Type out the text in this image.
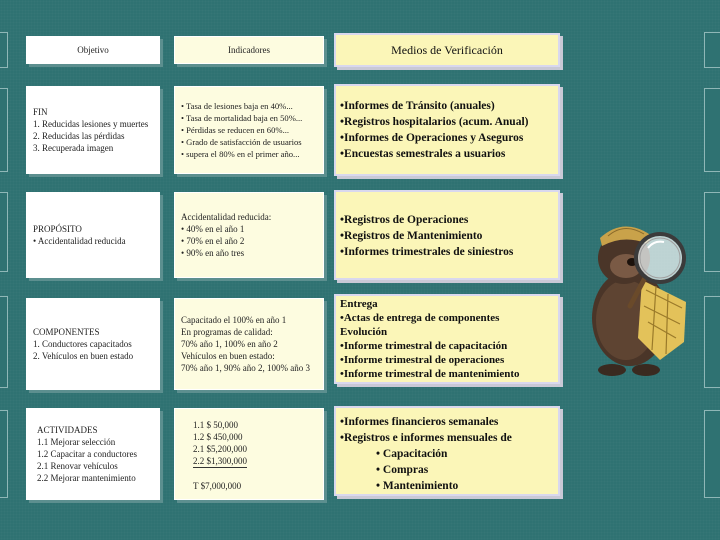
Objetivo	Indicadores	Medios de Verificación
FIN
1. Reducidas lesiones y muertes
2. Reducidas las pérdidas
3. Recuperada imagen
• Tasa de lesiones baja en 40%...
• Tasa de mortalidad baja en 50%...
• Pérdidas se reducen en 60%...
• Grado de satisfacción de usuarios
• supera el 80% en el primer año...
•Informes de Tránsito (anuales)
•Registros hospitalarios (acum. Anual)
•Informes de Operaciones y Aseguros
•Encuestas semestrales a usuarios
PROPÓSITO
• Accidentalidad reducida
Accidentalidad reducida:
• 40% en el año 1
• 70% en el año 2
• 90% en año tres
•Registros de Operaciones
•Registros de Mantenimiento
•Informes trimestrales de siniestros
COMPONENTES
1. Conductores capacitados
2. Vehículos en buen estado
Capacitado el 100% en año 1
En programas de calidad:
70% año 1, 100% en año 2
Vehículos en buen estado:
70% año 1, 90% año 2, 100% año 3
Entrega
•Actas de entrega de componentes
Evolución
•Informe trimestral de capacitación
•Informe trimestral de operaciones
•Informe trimestral de mantenimiento
ACTIVIDADES
1.1 Mejorar selección
1.2 Capacitar a conductores
2.1 Renovar vehículos
2.2 Mejorar mantenimiento
1.1 $ 50,000
1.2 $ 450,000
2.1 $5,200,000
2.2 $1,300,000
T $7,000,000
•Informes financieros semanales
•Registros e informes mensuales de
• Capacitación
• Compras
• Mantenimiento
